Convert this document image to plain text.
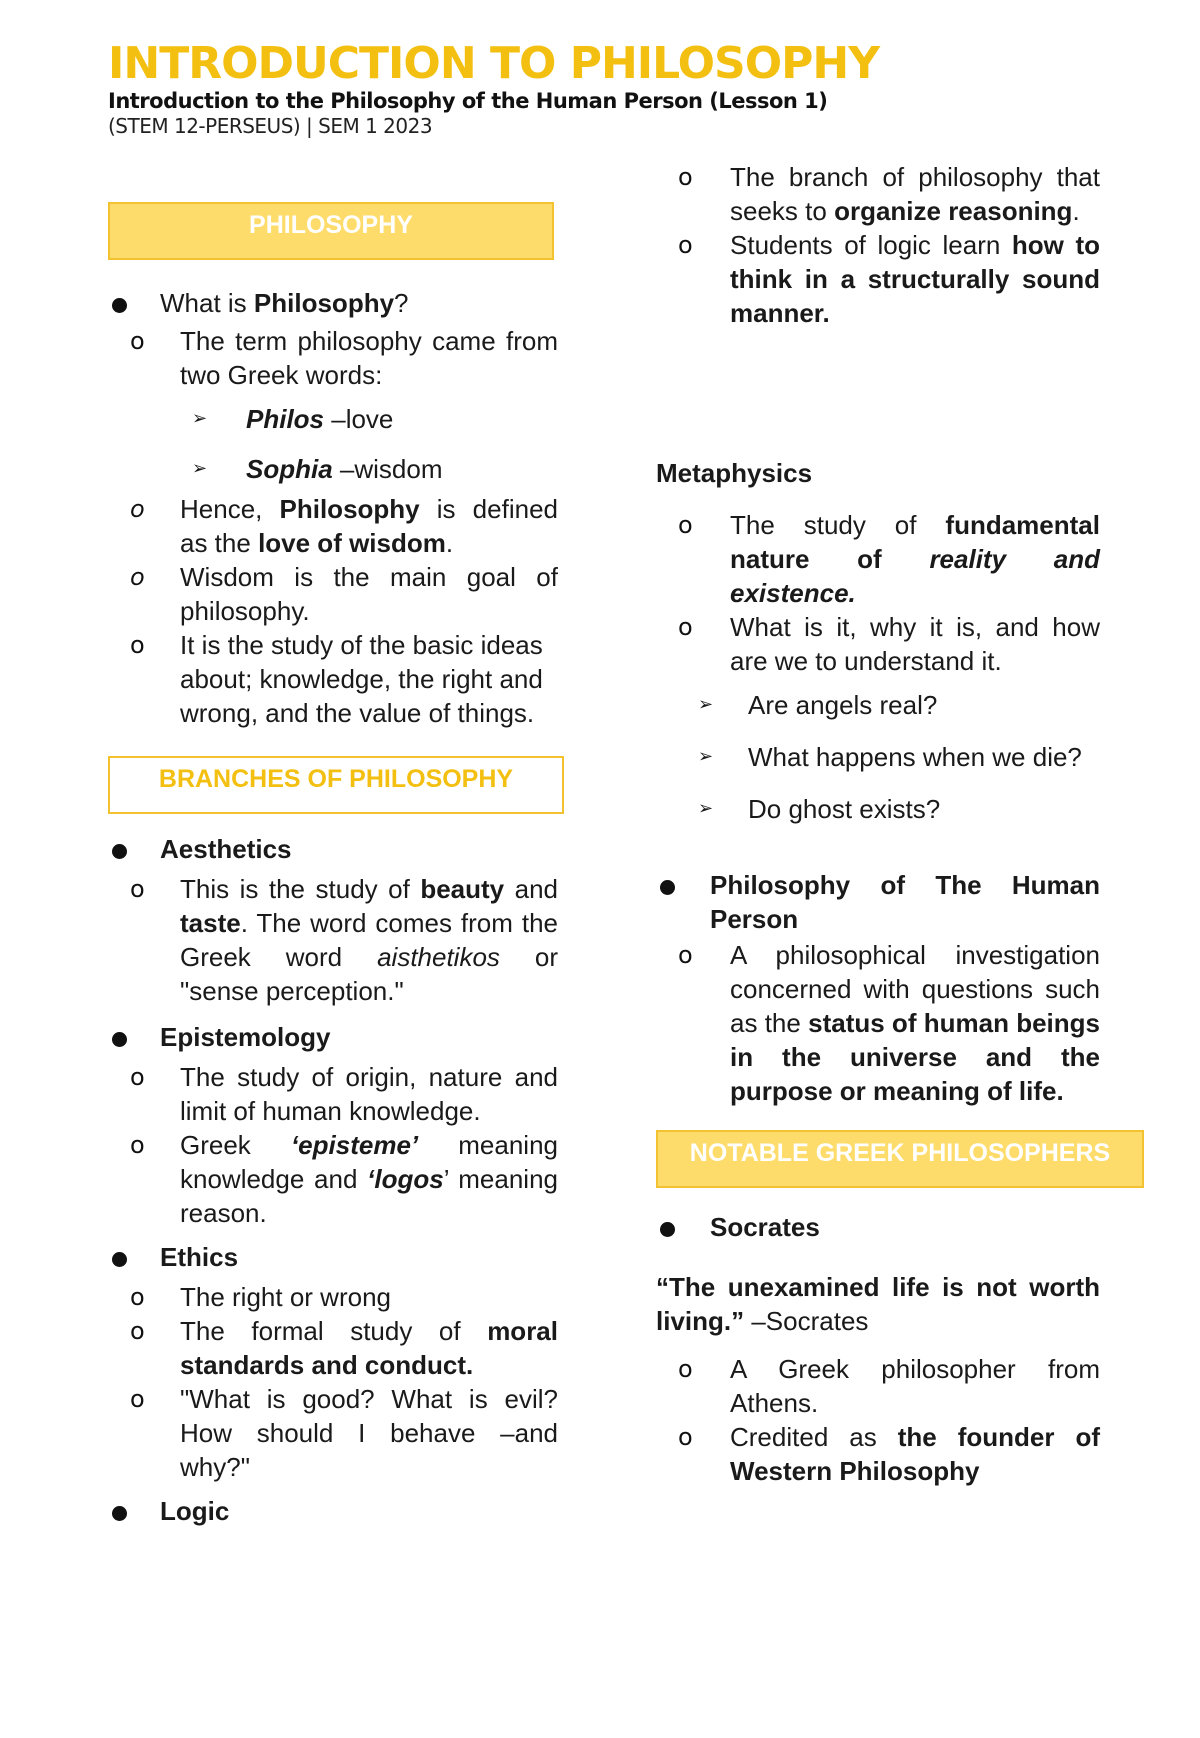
INTRODUCTION TO PHILOSOPHY
Introduction to the Philosophy of the Human Person (Lesson 1)
(STEM 12-PERSEUS) | SEM 1 2023
PHILOSOPHY

What is Philosophy?

o The term philosophy came from two Greek words:

➢ Philos –love

➢ Sophia –wisdom

o Hence, Philosophy is defined as the love of wisdom.

o Wisdom is the main goal of philosophy.

o It is the study of the basic ideas about; knowledge, the right and wrong, and the value of things.

BRANCHES OF PHILOSOPHY

Aesthetics

o This is the study of beauty and taste. The word comes from the Greek word aisthetikos or "sense perception."

Epistemology

o The study of origin, nature and limit of human knowledge.

o Greek ‘episteme’ meaning knowledge and ‘logos’ meaning reason.

Ethics

o The right or wrong

o The formal study of moral standards and conduct.

o "What is good? What is evil? How should I behave –and why?"

Logic

o The branch of philosophy that seeks to organize reasoning.

o Students of logic learn how to think in a structurally sound manner.

Metaphysics

o The study of fundamental nature of reality and existence.

o What is it, why it is, and how are we to understand it.

➢ Are angels real?

➢ What happens when we die?

➢ Do ghost exists?

Philosophy of The Human Person

o A philosophical investigation concerned with questions such as the status of human beings in the universe and the purpose or meaning of life.

NOTABLE GREEK PHILOSOPHERS

Socrates

“The unexamined life is not worth living.” –Socrates

o A Greek philosopher from Athens.

o Credited as the founder of Western Philosophy
